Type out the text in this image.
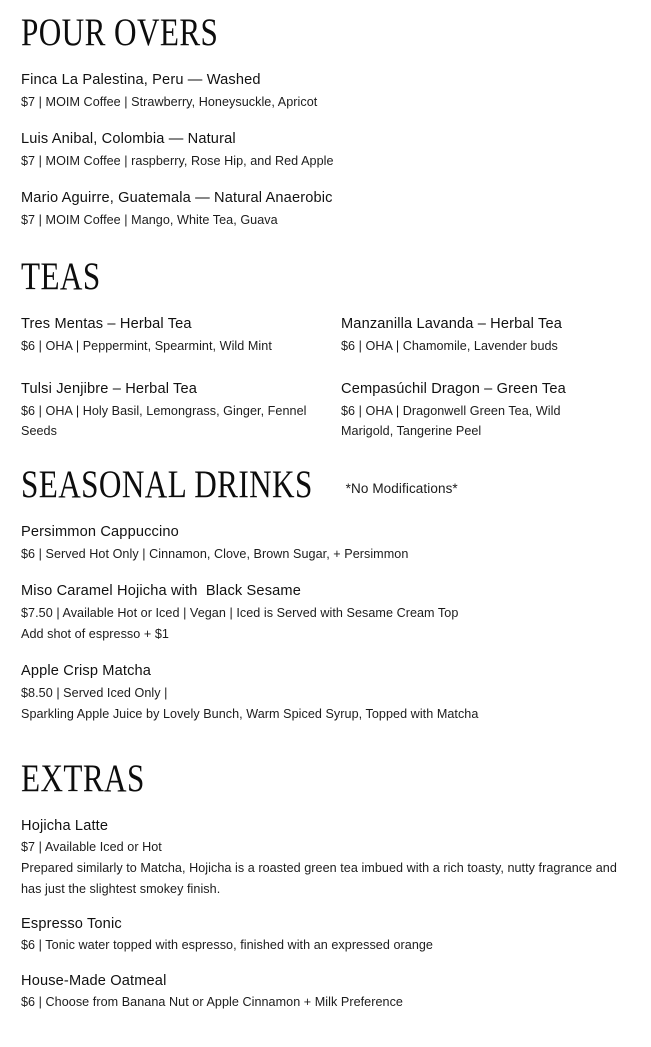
POUR OVERS
Finca La Palestina, Peru — Washed
$7 | MOIM Coffee | Strawberry, Honeysuckle, Apricot
Luis Anibal, Colombia — Natural
$7 | MOIM Coffee | raspberry, Rose Hip, and Red Apple
Mario Aguirre, Guatemala — Natural Anaerobic
$7 | MOIM Coffee | Mango, White Tea, Guava
TEAS
Tres Mentas – Herbal Tea
$6 | OHA | Peppermint, Spearmint, Wild Mint
Manzanilla Lavanda – Herbal Tea
$6 | OHA | Chamomile, Lavender buds
Tulsi Jenjibre – Herbal Tea
$6 | OHA | Holy Basil, Lemongrass, Ginger, Fennel Seeds
Cempasúchil Dragon – Green Tea
$6 | OHA | Dragonwell Green Tea, Wild Marigold, Tangerine Peel
SEASONAL DRINKS *No Modifications*
Persimmon Cappuccino
$6 | Served Hot Only | Cinnamon, Clove, Brown Sugar, + Persimmon
Miso Caramel Hojicha with  Black Sesame
$7.50 | Available Hot or Iced | Vegan | Iced is Served with Sesame Cream Top
Add shot of espresso + $1
Apple Crisp Matcha
$8.50 | Served Iced Only |
Sparkling Apple Juice by Lovely Bunch, Warm Spiced Syrup, Topped with Matcha
EXTRAS
Hojicha Latte
$7 | Available Iced or Hot
Prepared similarly to Matcha, Hojicha is a roasted green tea imbued with a rich toasty, nutty fragrance and has just the slightest smokey finish.
Espresso Tonic
$6 | Tonic water topped with espresso, finished with an expressed orange
House-Made Oatmeal
$6 | Choose from Banana Nut or Apple Cinnamon + Milk Preference
